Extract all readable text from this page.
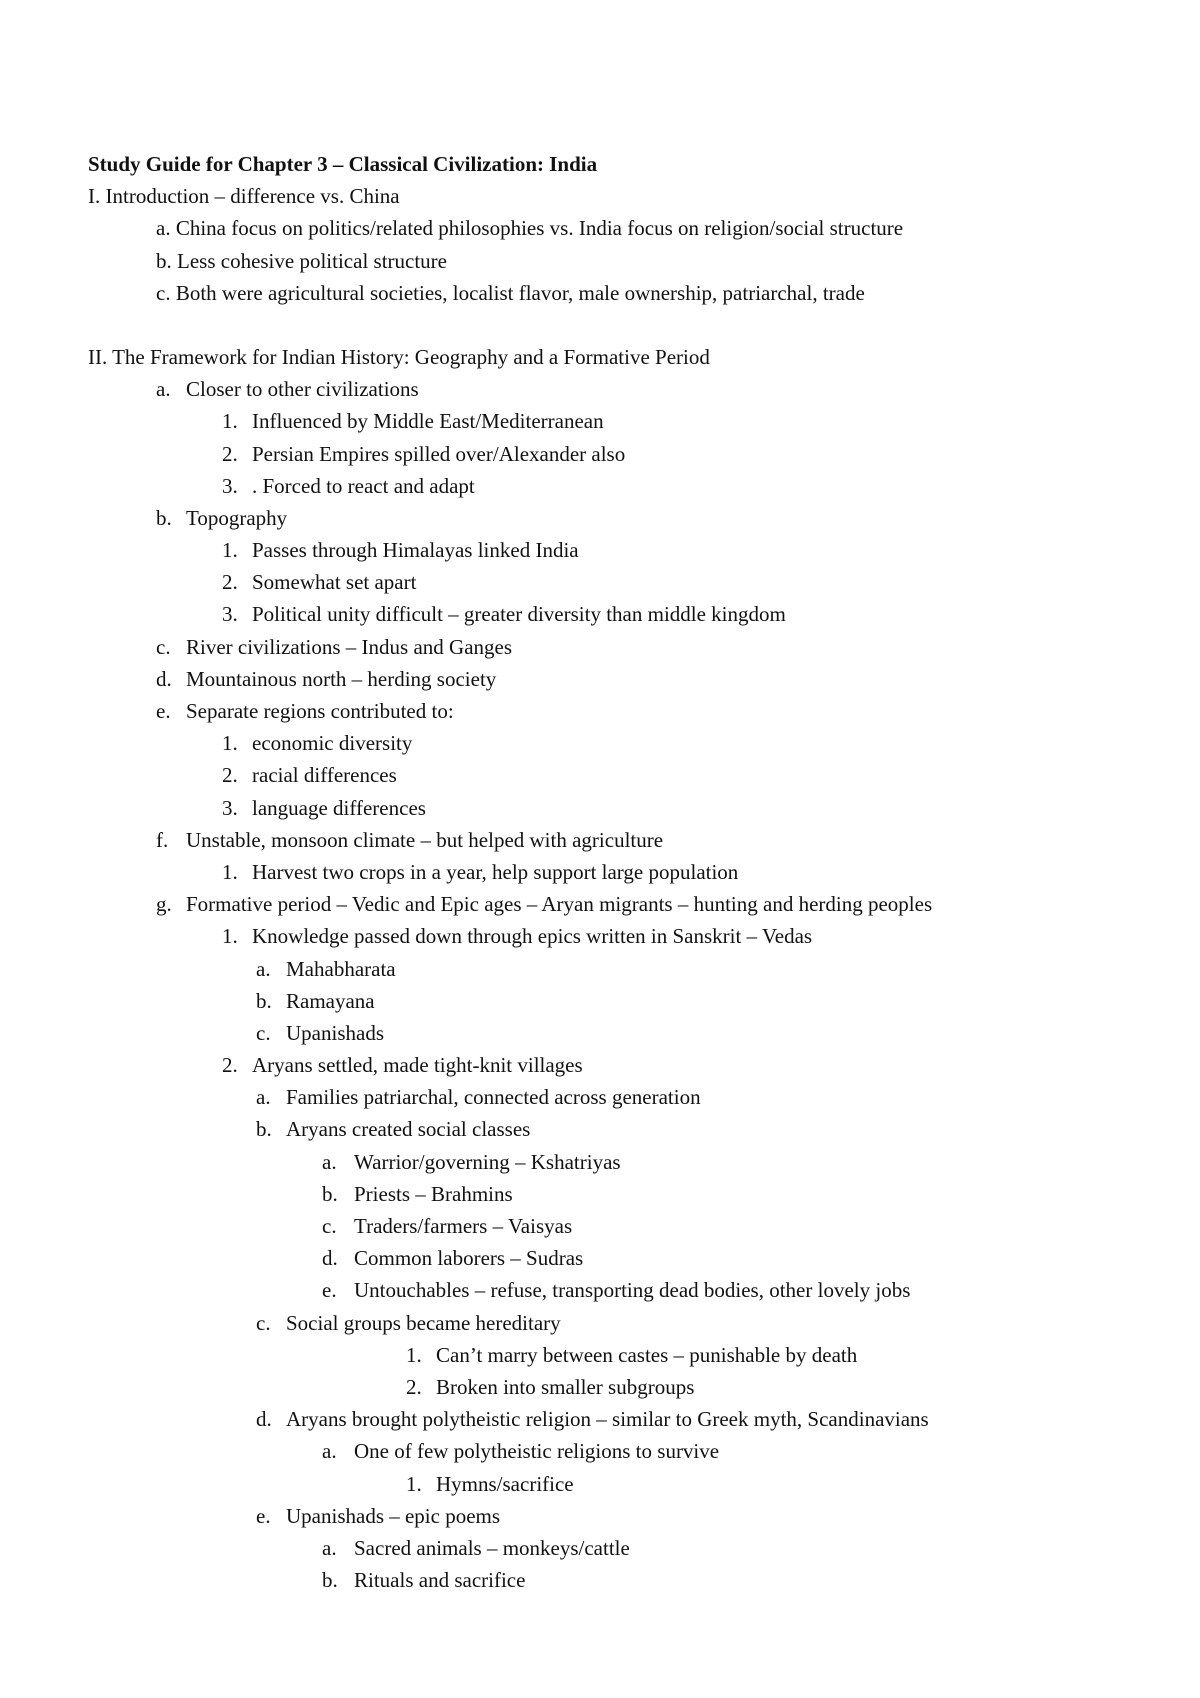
Study Guide for Chapter 3 – Classical Civilization: India
I. Introduction – difference vs. China
a. China focus on politics/related philosophies vs. India focus on religion/social structure
b. Less cohesive political structure
c. Both were agricultural societies, localist flavor, male ownership, patriarchal, trade
II. The Framework for Indian History: Geography and a Formative Period
a. Closer to other civilizations
1. Influenced by Middle East/Mediterranean
2. Persian Empires spilled over/Alexander also
3. . Forced to react and adapt
b. Topography
1. Passes through Himalayas linked India
2. Somewhat set apart
3. Political unity difficult – greater diversity than middle kingdom
c. River civilizations – Indus and Ganges
d. Mountainous north – herding society
e. Separate regions contributed to:
1. economic diversity
2. racial differences
3. language differences
f. Unstable, monsoon climate – but helped with agriculture
1. Harvest two crops in a year, help support large population
g. Formative period – Vedic and Epic ages – Aryan migrants – hunting and herding peoples
1. Knowledge passed down through epics written in Sanskrit – Vedas
a. Mahabharata
b. Ramayana
c. Upanishads
2. Aryans settled, made tight-knit villages
a. Families patriarchal, connected across generation
b. Aryans created social classes
a. Warrior/governing – Kshatriyas
b. Priests – Brahmins
c. Traders/farmers – Vaisyas
d. Common laborers – Sudras
e. Untouchables – refuse, transporting dead bodies, other lovely jobs
c. Social groups became hereditary
1. Can’t marry between castes – punishable by death
2. Broken into smaller subgroups
d. Aryans brought polytheistic religion – similar to Greek myth, Scandinavians
a. One of few polytheistic religions to survive
1. Hymns/sacrifice
e. Upanishads – epic poems
a. Sacred animals – monkeys/cattle
b. Rituals and sacrifice
